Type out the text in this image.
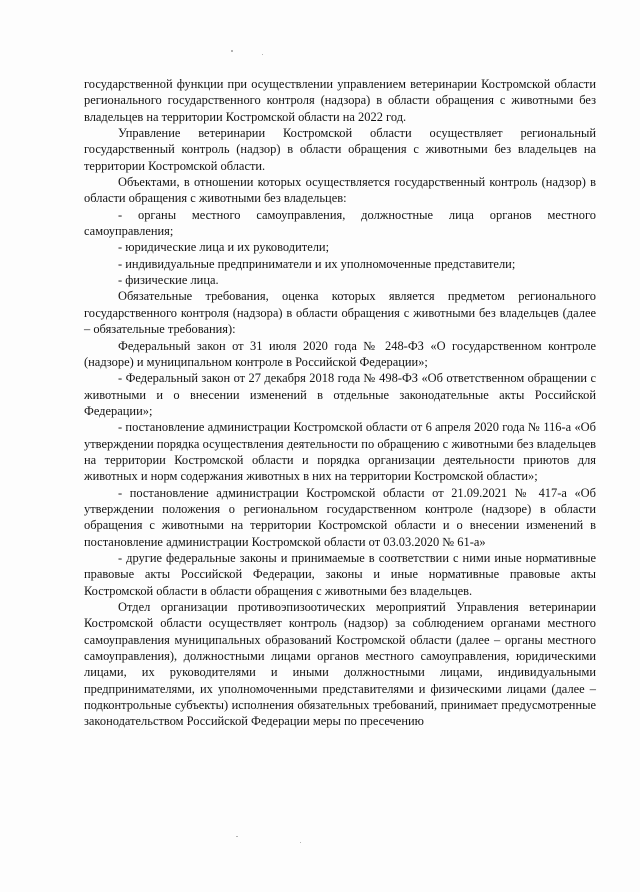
государственной функции при осуществлении управлением ветеринарии Костромской области регионального государственного контроля (надзора) в области обращения с животными без владельцев на территории Костромской области на 2022 год.

Управление ветеринарии Костромской области осуществляет региональный государственный контроль (надзор) в области обращения с животными без владельцев на территории Костромской области.

Объектами, в отношении которых осуществляется государственный контроль (надзор) в области обращения с животными без владельцев:

- органы местного самоуправления, должностные лица органов местного самоуправления;

- юридические лица и их руководители;

- индивидуальные предприниматели и их уполномоченные представители;

- физические лица.

Обязательные требования, оценка которых является предметом регионального государственного контроля (надзора) в области обращения с животными без владельцев (далее – обязательные требования):

Федеральный закон от 31 июля 2020 года № 248-ФЗ «О государственном контроле (надзоре) и муниципальном контроле в Российской Федерации»;

- Федеральный закон от 27 декабря 2018 года № 498-ФЗ «Об ответственном обращении с животными и о внесении изменений в отдельные законодательные акты Российской Федерации»;

- постановление администрации Костромской области от 6 апреля 2020 года № 116-а «Об утверждении порядка осуществления деятельности по обращению с животными без владельцев на территории Костромской области и порядка организации деятельности приютов для животных и норм содержания животных в них на территории Костромской области»;

- постановление администрации Костромской области от 21.09.2021 № 417-а «Об утверждении положения о региональном государственном контроле (надзоре) в области обращения с животными на территории Костромской области и о внесении изменений в постановление администрации Костромской области от 03.03.2020 № 61-а»

- другие федеральные законы и принимаемые в соответствии с ними иные нормативные правовые акты Российской Федерации, законы и иные нормативные правовые акты Костромской области в области обращения с животными без владельцев.

Отдел организации противоэпизоотических мероприятий Управления ветеринарии Костромской области осуществляет контроль (надзор) за соблюдением органами местного самоуправления муниципальных образований Костромской области (далее – органы местного самоуправления), должностными лицами органов местного самоуправления, юридическими лицами, их руководителями и иными должностными лицами, индивидуальными предпринимателями, их уполномоченными представителями и физическими лицами (далее – подконтрольные субъекты) исполнения обязательных требований, принимает предусмотренные законодательством Российской Федерации меры по пресечению
